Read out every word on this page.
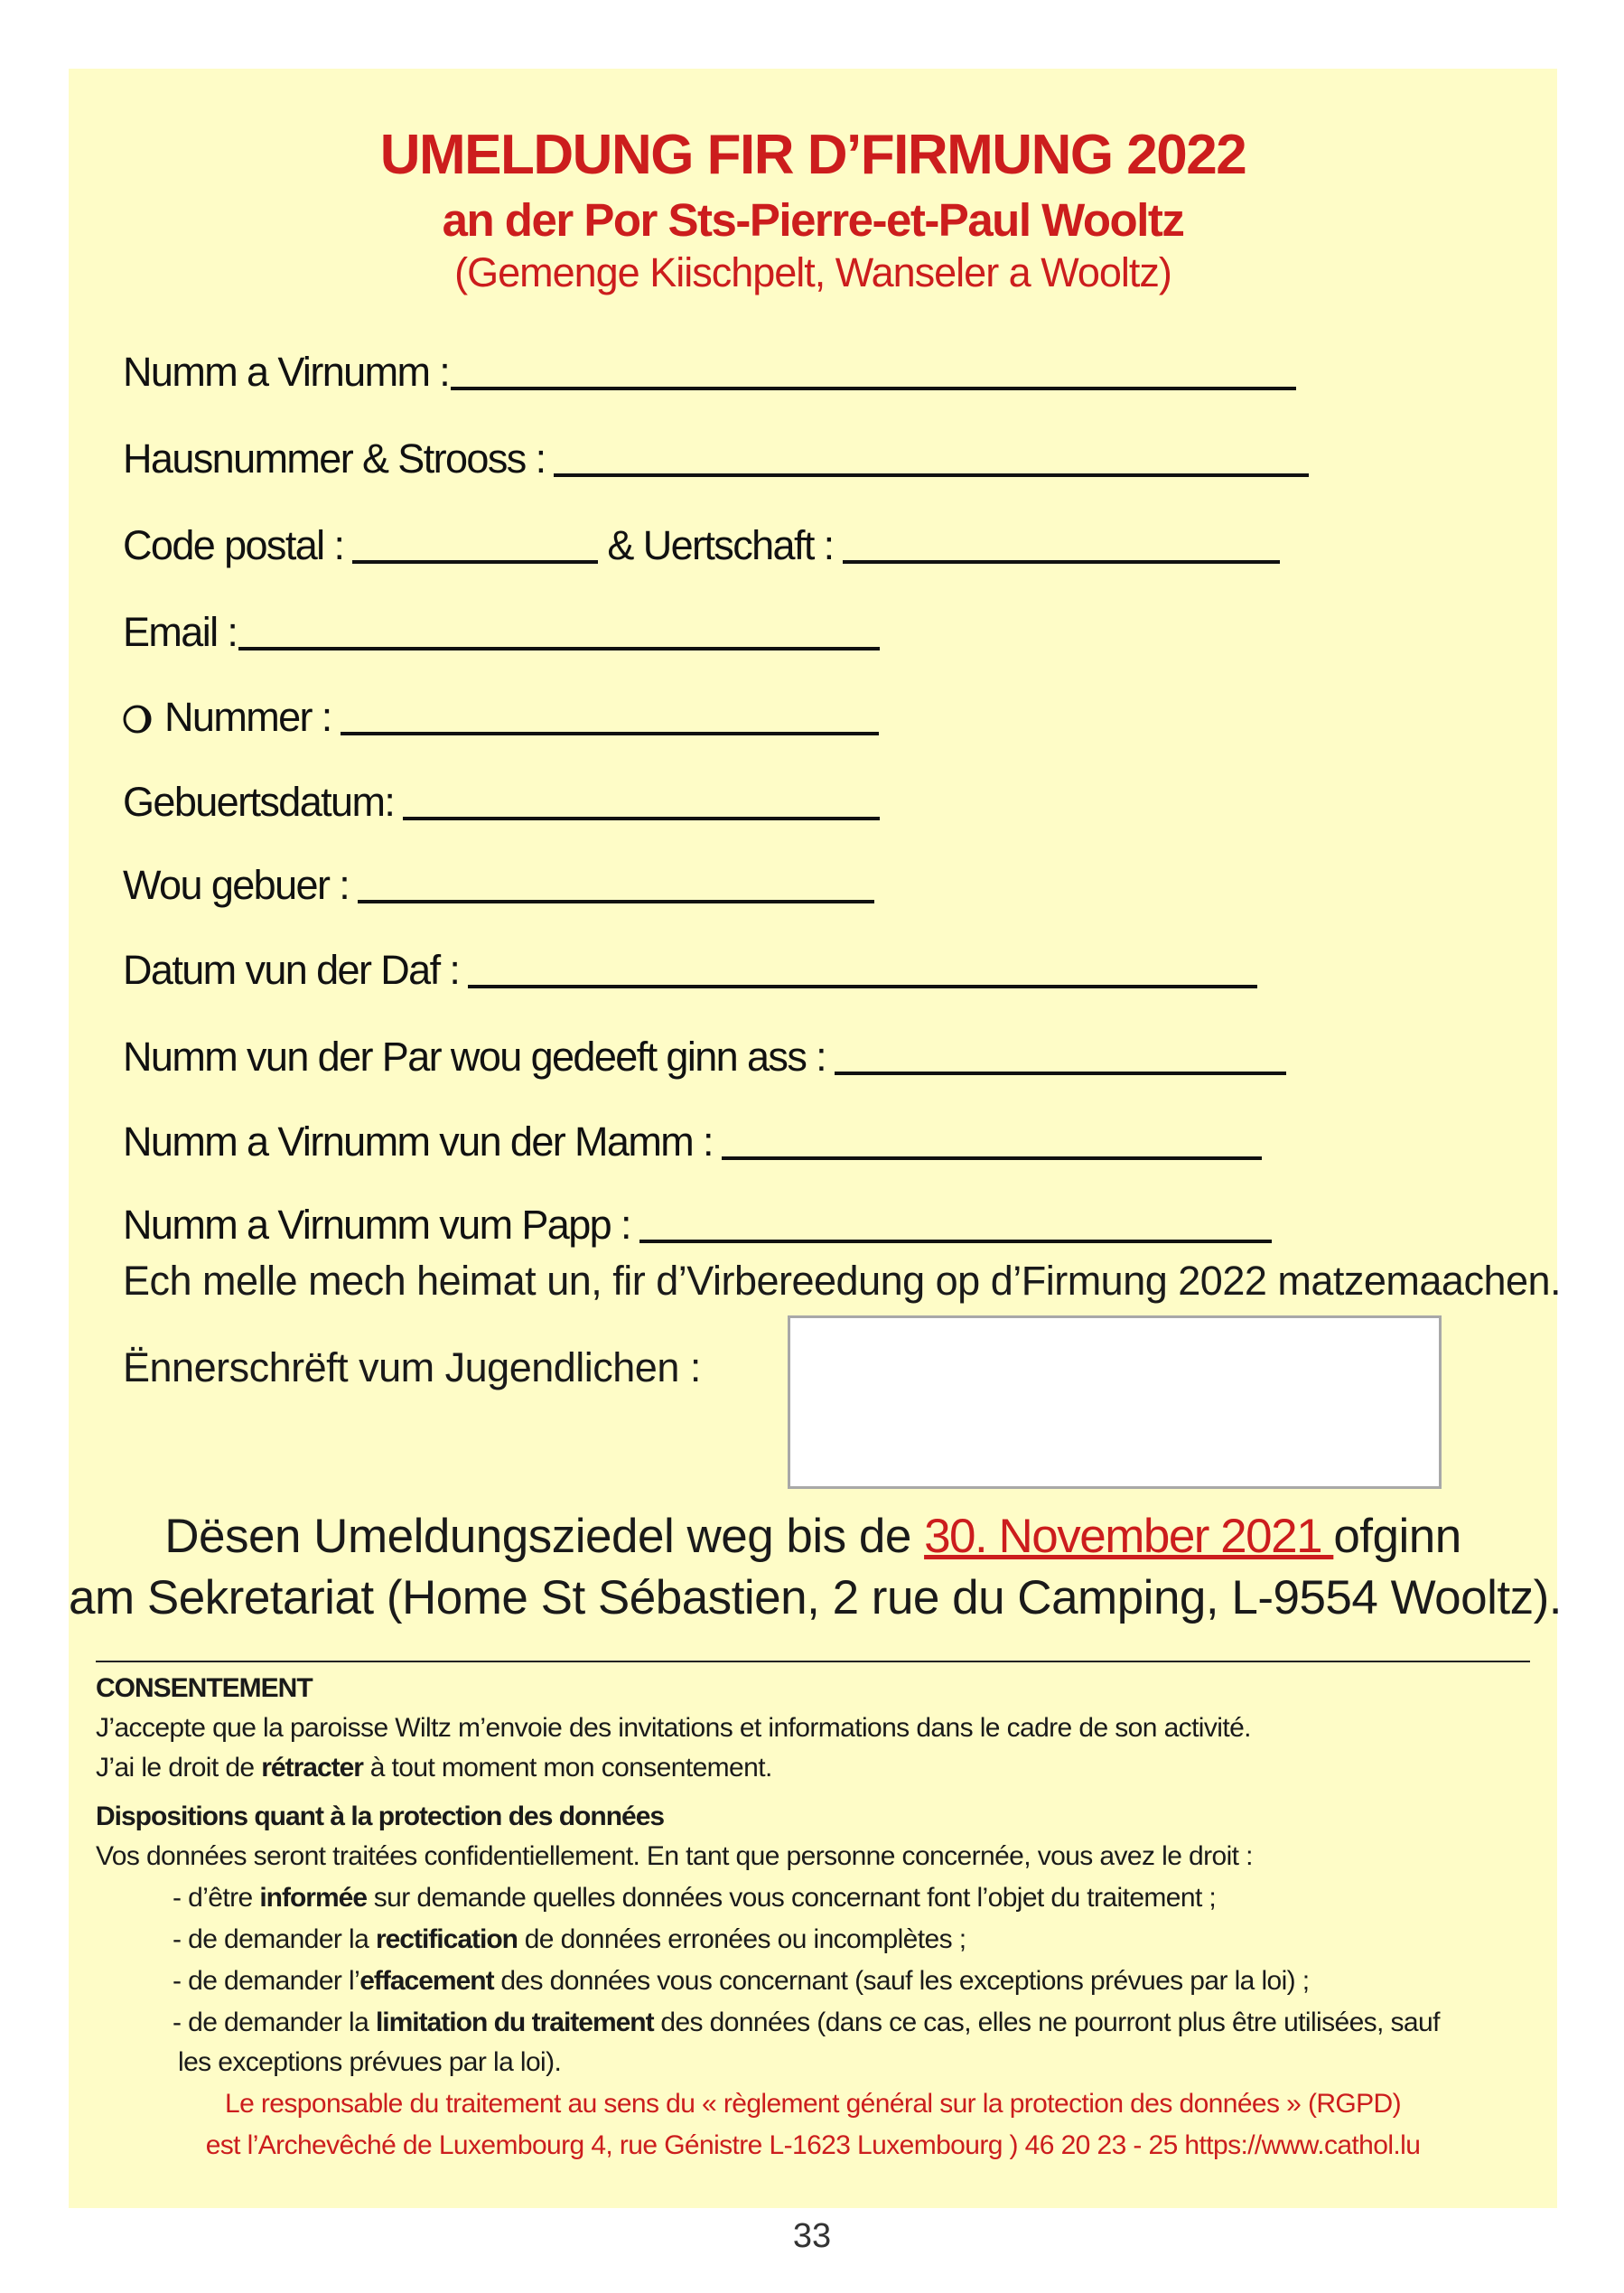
UMELDUNG FIR D’FIRMUNG 2022
an der Por Sts-Pierre-et-Paul Wooltz
(Gemenge Kiischpelt, Wanseler a Wooltz)
Numm a Virnumm :
Hausnummer & Strooss :
Code postal :	& Uertschaft :
Email :
Nummer :
Gebuertsdatum:
Wou gebuer :
Datum vun der Daf :
Numm vun der Par wou gedeeft ginn ass :
Numm a Virnumm vun der Mamm :
Numm a Virnumm vum Papp :
Ech melle mech heimat un, fir d’Virbereedung op d’Firmung 2022 matzemaachen.
Ënnerschrëft vum Jugendlichen :
Dësen Umeldungsziedel weg bis de 30. November 2021 ofginn
am Sekretariat (Home St Sébastien, 2 rue du Camping, L-9554 Wooltz).
CONSENTEMENT
J’accepte que la paroisse Wiltz m’envoie des invitations et informations dans le cadre de son activité.
J’ai le droit de rétracter à tout moment mon consentement.
Dispositions quant à la protection des données
Vos données seront traitées confidentiellement. En tant que personne concernée, vous avez le droit :
- d’être informée sur demande quelles données vous concernant font l’objet du traitement ;
- de demander la rectification de données erronées ou incomplètes ;
- de demander l’effacement des données vous concernant (sauf les exceptions prévues par la loi) ;
- de demander la limitation du traitement des données (dans ce cas, elles ne pourront plus être utilisées, sauf
les exceptions prévues par la loi).
Le responsable du traitement au sens du « règlement général sur la protection des données » (RGPD)
est l’Archevêché de Luxembourg 4, rue Génistre L-1623 Luxembourg ) 46 20 23 - 25 https://www.cathol.lu
33
